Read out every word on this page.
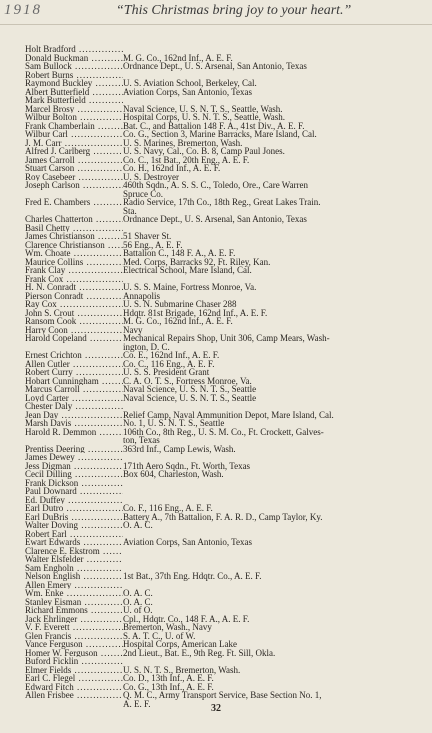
1918	“This Christmas bring joy to your heart.”
Holt Bradford .....

Donald Buckman .....	M. G. Co., 162nd Inf., A. E. F.
Sam Bullock .....	Ordnance Dept., U. S. Arsenal, San Antonio, Texas
Robert Burns .....

Raymond Buckley .....	U. S. Aviation School, Berkeley, Cal.
Albert Butterfield .....	Aviation Corps, San Antonio, Texas
Mark Butterfield .....

Marcel Brosy .....	Naval Science, U. S. N. T. S., Seattle, Wash.
Wilbur Bolton .....	Hospital Corps, U. S. N. T. S., Seattle, Wash.
Frank Chamberlain .....	Bat. C., and Battalion 148 F. A., 41st Div., A. E. F.
Wilbur Carl .....	Co. G., Section 3, Marine Barracks, Mare Island, Cal.
J. M. Carr .....	U. S. Marines, Bremerton, Wash.
Alfred J. Carlberg .....	U. S. Navy, Cal., Co. B. 8, Camp Paul Jones.
James Carroll .....	Co. C., 1st Bat., 20th Eng., A. E. F.
Stuart Carson .....	Co. H., 162nd Inf., A. E. F.
Roy Casebeer .....	U. S. Destroyer
Joseph Carlson .....	460th Sqdn., A. S. S. C., Toledo, Ore., Care Warren
Spruce Co.
Fred E. Chambers .....	Radio Service, 17th Co., 18th Reg., Great Lakes Train.
Sta.
Charles Chatterton .....	Ordnance Dept., U. S. Arsenal, San Antonio, Texas
Basil Chetty .....

James Christianson .....	51 Shaver St.
Clarence Christianson .....	56 Eng., A. E. F.
Wm. Choate .....	Battalion C., 148 F. A., A. E. F.
Maurice Collins .....	Med. Corps, Barracks 92, Ft. Riley, Kan.
Frank Clay .....	Electrical School, Mare Island, Cal.
Frank Cox .....

H. N. Conradt .....	U. S. S. Maine, Fortress Monroe, Va.
Pierson Conradt .....	Annapolis
Ray Cox .....	U. S. N. Submarine Chaser 288
John S. Crout .....	Hdqtr. 81st Brigade, 162nd Inf., A. E. F.
Ransom Cook .....	M. G. Co., 162nd Inf., A. E. F.
Harry Coon .....	Navy
Harold Copeland .....	Mechanical Repairs Shop, Unit 306, Camp Mears, Wash-
ington, D. C.
Ernest Crichton .....	Co. E., 162nd Inf., A. E. F.
Allen Cutler .....	Co. C., 116 Eng., A. E. F.
Robert Curry .....	U. S. S. President Grant
Hobart Cunningham .....	C. A. O. T. S., Fortress Monroe, Va.
Marcus Carroll .....	Naval Science, U. S. N. T. S., Seattle
Loyd Carter .....	Naval Science, U. S. N. T. S., Seattle
Chester Daly .....

Jean Day .....	Relief Camp, Naval Ammunition Depot, Mare Island, Cal.
Marsh Davis .....	No. 1, U. S. N. T. S., Seattle
Harold R. Demmon .....	106th Co., 8th Reg., U. S. M. Co., Ft. Crockett, Galves-
ton, Texas
Prentiss Deering .....	363rd Inf., Camp Lewis, Wash.
James Dewey .....

Jess Digman .....	171th Aero Sqdn., Ft. Worth, Texas
Cecil Dilling .....	Box 604, Charleston, Wash.
Frank Dickson .....

Paul Downard .....

Ed. Duffey .....

Earl Dutro .....	Co. F., 116 Eng., A. E. F.
Earl DuBris .....	Battery A., 7th Battalion, F. A. R. D., Camp Taylor, Ky.
Walter Doving .....	O. A. C.
Robert Earl .....

Ewart Edwards .....	Aviation Corps, San Antonio, Texas
Clarence E. Ekstrom .....

Walter Elsfelder .....

Sam Engholn .....

Nelson English .....	1st Bat., 37th Eng. Hdqtr. Co., A. E. F.
Allen Emery .....

Wm. Enke .....	O. A. C.
Stanley Eisman .....	O. A. C.
Richard Emmons .....	U. of O.
Jack Ehrlinger .....	Cpl., Hdqtr. Co., 148 F. A., A. E. F.
V. F. Everett .....	Bremerton, Wash., Navy
Glen Francis .....	S. A. T. C., U. of W.
Vance Ferguson .....	Hospital Corps, American Lake
Homer W. Ferguson .....	2nd Lieut., Bat. E., 9th Reg. Ft. Sill, Okla.
Buford Ficklin .....

Elmer Fields .....	U. S. N. T. S., Bremerton, Wash.
Earl C. Flegel .....	Co. D., 13th Inf., A. E. F.
Edward Fitch .....	Co. G., 13th Inf., A. E. F.
Allen Frisbee .....	Q. M. C., Army Transport Service, Base Section No. 1,
A. E. F.	32
